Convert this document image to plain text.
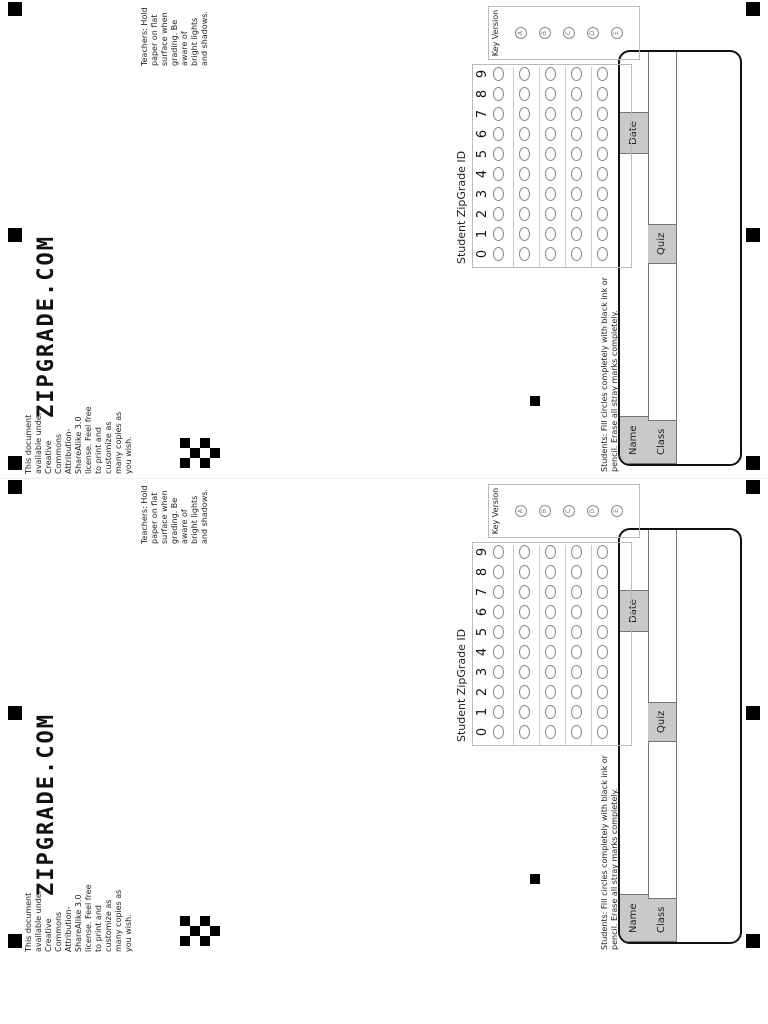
Name
Date
Class
Quiz
Student ZipGrade ID 0
1
2
3
4
5
6
7
8
9
Key Version	A	B	C	D	E
Students: Fill circles completely with black ink or pencil. Erase all stray marks completely.
Teachers: Hold paper on flat surface when grading. Be aware of bright lights and shadows.
This document available under Creative Commons Attribution-ShareAlike 3.0 license. Feel free to print and customize as many copies as you wish.
ZIPGRADE.COM
Name
Date
Class
Quiz
Student ZipGrade ID 0
1
2
3
4
5
6
7
8
9
Key Version	A	B	C	D	E
Students: Fill circles completely with black ink or pencil. Erase all stray marks completely.
Teachers: Hold paper on flat surface when grading. Be aware of bright lights and shadows.
This document available under Creative Commons Attribution-ShareAlike 3.0 license. Feel free to print and customize as many copies as you wish.
ZIPGRADE.COM
